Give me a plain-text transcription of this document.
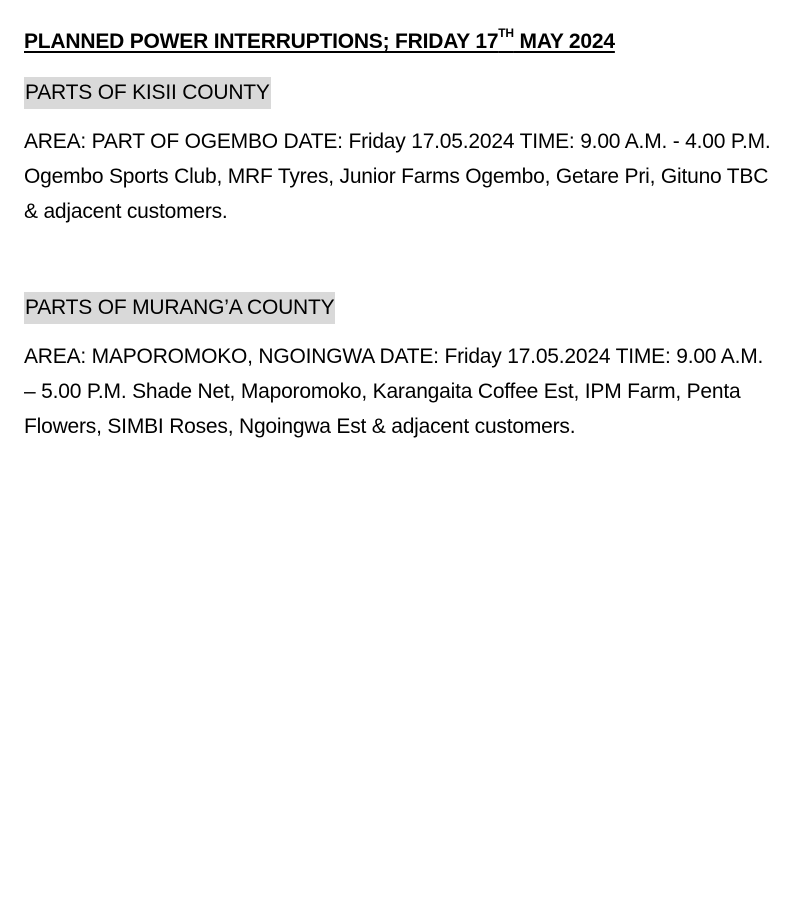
PLANNED POWER INTERRUPTIONS; FRIDAY 17TH MAY 2024
PARTS OF KISII COUNTY
AREA: PART OF OGEMBO DATE: Friday 17.05.2024 TIME: 9.00 A.M. - 4.00 P.M. Ogembo Sports Club, MRF Tyres, Junior Farms Ogembo, Getare Pri, Gituno TBC & adjacent customers.
PARTS OF MURANG’A COUNTY
AREA: MAPOROMOKO, NGOINGWA DATE: Friday 17.05.2024 TIME: 9.00 A.M. – 5.00 P.M. Shade Net, Maporomoko, Karangaita Coffee Est, IPM Farm, Penta Flowers, SIMBI Roses, Ngoingwa Est & adjacent customers.
